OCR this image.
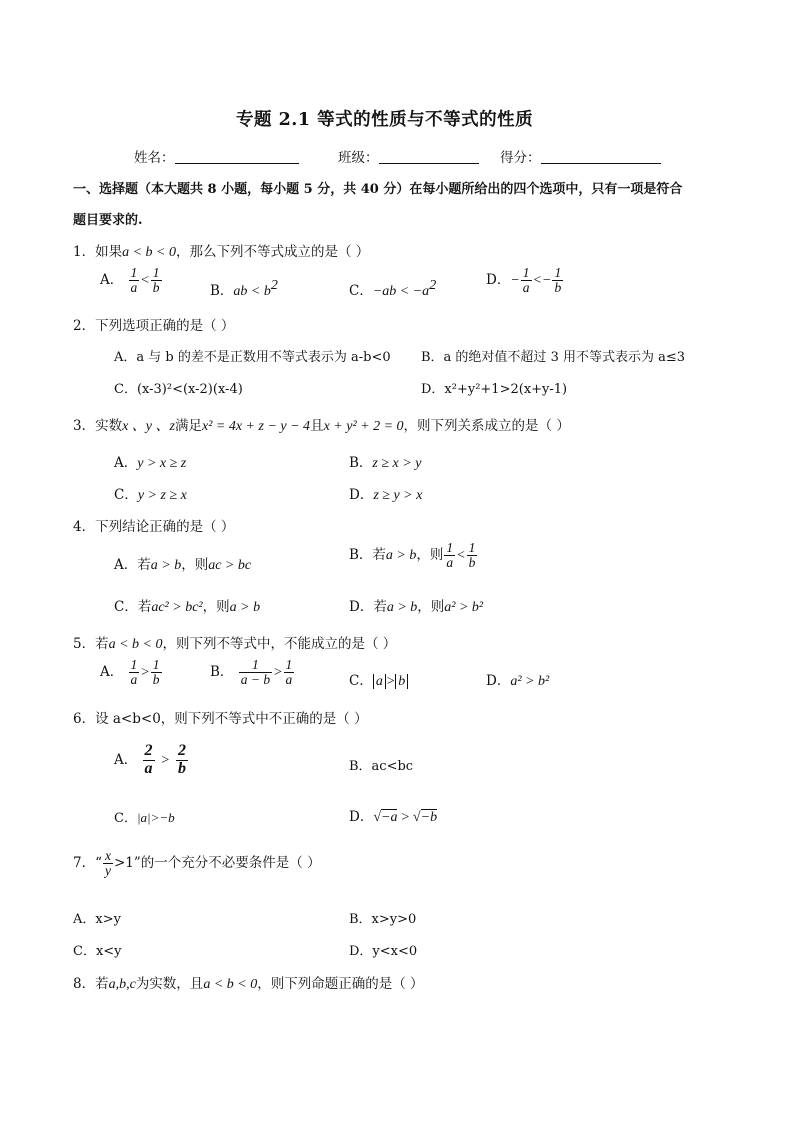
专题 2.1 等式的性质与不等式的性质
姓名：	班级：	得分：
一、选择题（本大题共 8 小题，每小题 5 分，共 40 分）在每小题所给出的四个选项中，只有一项是符合
题目要求的.
1．如果a < b < 0，那么下列不等式成立的是（ ）
A． $\frac{1}{a} < \frac{1}{b}$	B．ab < $b^2$	C．$-ab < -a^2$	D．− $\frac{1}{a} <- \frac{1}{b}$
2．下列选项正确的是（ ）
A．a 与 b 的差不是正数用不等式表示为 a-b<0 B．a 的绝对值不超过 3 用不等式表示为 a≤3
C．(x-3)²<(x-2)(x-4)	D．x²+y²+1>2(x+y-1)
3．实数x 、y 、z满足x² = 4x + z − y − 4且x + y² + 2 = 0，则下列关系成立的是（ ）
A．y > x ≥ z	B．z ≥ x > y
C．y > z ≥ x	D．z ≥ y > x
4．下列结论正确的是（ ）
A．若a > b，则ac > bc
B．若a > b，则 $\frac{1}{a} < \frac{1}{b}$
C．若ac² > bc²，则a > b	D．若a > b，则a² > b²
5．若a < b < 0，则下列不等式中，不能成立的是（ ）
A． $\frac{1}{a} > \frac{1}{b}$	B． $\frac{1}{a - b} > \frac{1}{a}$	C． a > b	D．a² > b²
6．设 a<b<0，则下列不等式中不正确的是（ ）
A． $\frac{2}{a} > \frac{2}{b}$	B．ac<bc
C．|a|>−b	D．√−a > √−b
7．“ $\frac{x}{y} >1$”的一个充分不必要条件是（ ）
A．x>y	B．x>y>0
C．x<y	D．y<x<0
8．若a,b,c为实数，且a < b < 0，则下列命题正确的是（ ）
